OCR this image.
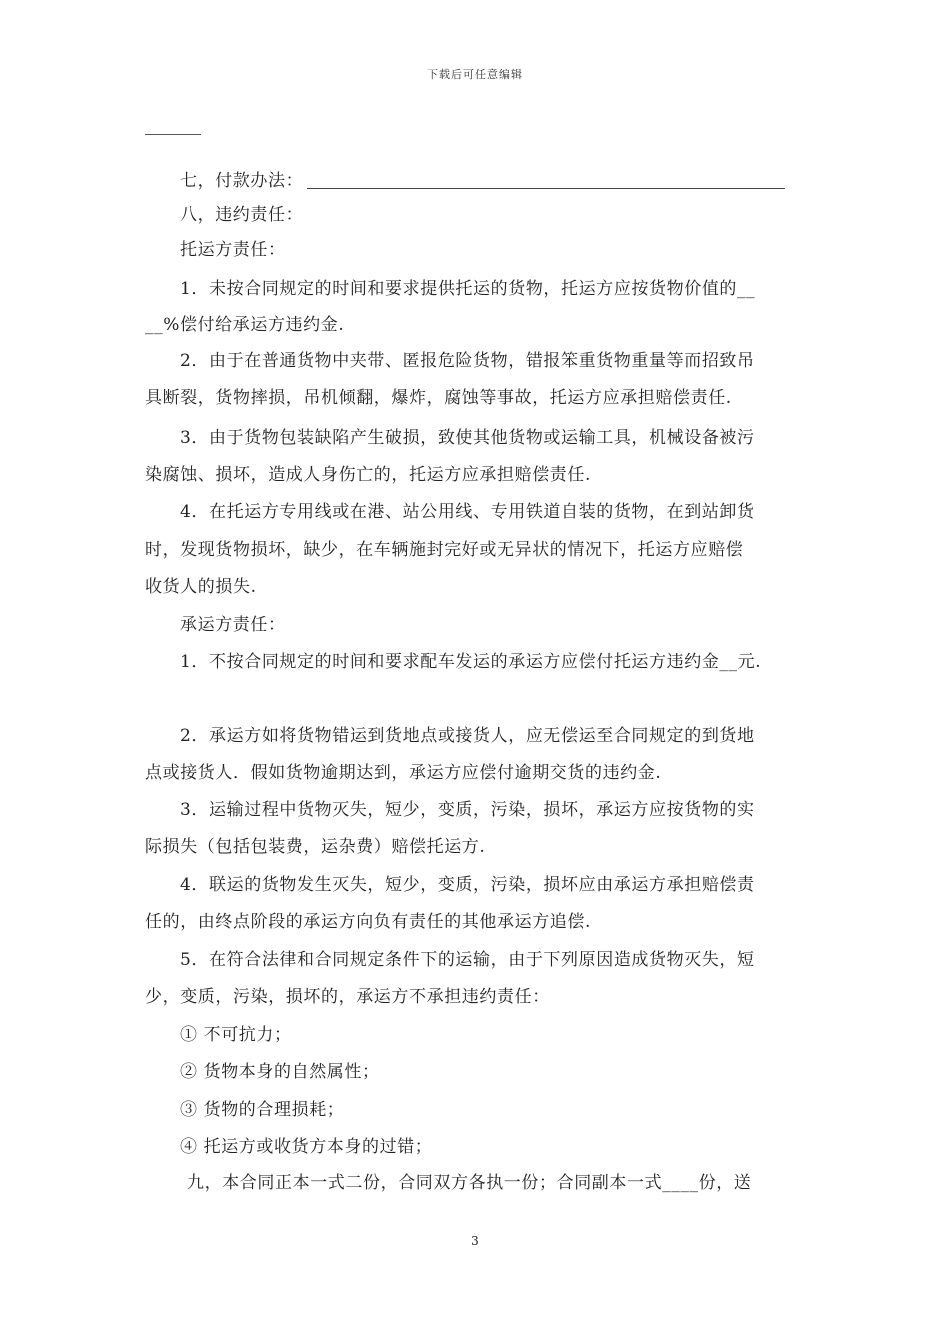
下载后可任意编辑
七，付款办法：
八，违约责任：
托运方责任：
1．未按合同规定的时间和要求提供托运的货物，托运方应按货物价值的__
__%偿付给承运方违约金.
2．由于在普通货物中夹带、匿报危险货物，错报笨重货物重量等而招致吊
具断裂，货物摔损，吊机倾翻，爆炸，腐蚀等事故，托运方应承担赔偿责任.
3．由于货物包装缺陷产生破损，致使其他货物或运输工具，机械设备被污
染腐蚀、损坏，造成人身伤亡的，托运方应承担赔偿责任.
4．在托运方专用线或在港、站公用线、专用铁道自装的货物，在到站卸货
时，发现货物损坏，缺少，在车辆施封完好或无异状的情况下，托运方应赔偿
收货人的损失.
承运方责任：
1．不按合同规定的时间和要求配车发运的承运方应偿付托运方违约金__元.
2．承运方如将货物错运到货地点或接货人，应无偿运至合同规定的到货地
点或接货人．假如货物逾期达到，承运方应偿付逾期交货的违约金.
3．运输过程中货物灭失，短少，变质，污染，损坏，承运方应按货物的实
际损失（包括包装费，运杂费）赔偿托运方.
4．联运的货物发生灭失，短少，变质，污染，损坏应由承运方承担赔偿责
任的，由终点阶段的承运方向负有责任的其他承运方追偿.
5．在符合法律和合同规定条件下的运输，由于下列原因造成货物灭失，短
少，变质，污染，损坏的，承运方不承担违约责任：
① 不可抗力；
② 货物本身的自然属性；
③ 货物的合理损耗；
④ 托运方或收货方本身的过错；
九，本合同正本一式二份，合同双方各执一份；合同副本一式____份，送
3
